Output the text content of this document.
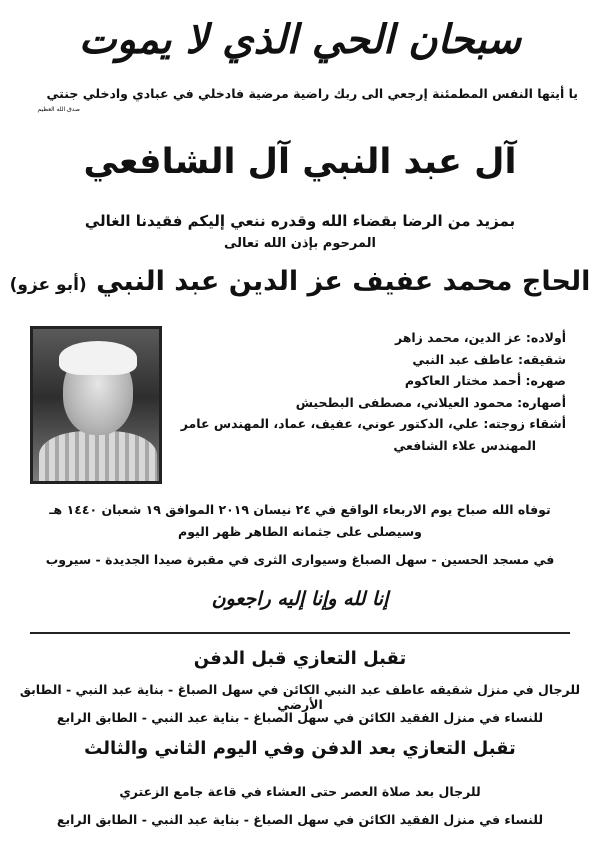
سبحان الحي الذي لا يموت
يا أيتها النفس المطمئنة إرجعي الى ربك راضية مرضية فادخلي في عبادي وادخلي جنتي
صدق الله العظيم
آل عبد النبي آل الشافعي
بمزيد من الرضا بقضاء الله وقدره ننعي إليكم فقيدنا الغالي
المرحوم بإذن الله تعالى
الحاج محمد عفيف عز الدين عبد النبي (أبو عزو)
أولاده: عز الدين، محمد زاهر
شقيقه: عاطف عبد النبي
صهره: أحمد مختار العاكوم
أصهاره: محمود العيلاني، مصطفى البطحيش
أشقاء زوجته: علي، الدكتور عوني، عفيف، عماد، المهندس عامر
المهندس علاء الشافعي
توفاه الله صباح يوم الاربعاء الواقع في ٢٤ نيسان ٢٠١٩ الموافق ١٩ شعبان ١٤٤٠ هـ
وسيصلى على جثمانه الطاهر ظهر اليوم
في مسجد الحسين - سهل الصباغ وسيوارى الثرى في مقبرة صيدا الجديدة - سيروب
إنا لله وإنا إليه راجعون
تقبل التعازي قبل الدفن
للرجال في منزل شقيقه عاطف عبد النبي الكائن في سهل الصباغ - بناية عبد النبي - الطابق الأرضي
للنساء في منزل الفقيد الكائن في سهل الصباغ - بناية عبد النبي - الطابق الرابع
تقبل التعازي بعد الدفن وفي اليوم الثاني والثالث
للرجال بعد صلاة العصر حتى العشاء في قاعة جامع الزعتري
للنساء في منزل الفقيد الكائن في سهل الصباغ - بناية عبد النبي - الطابق الرابع
